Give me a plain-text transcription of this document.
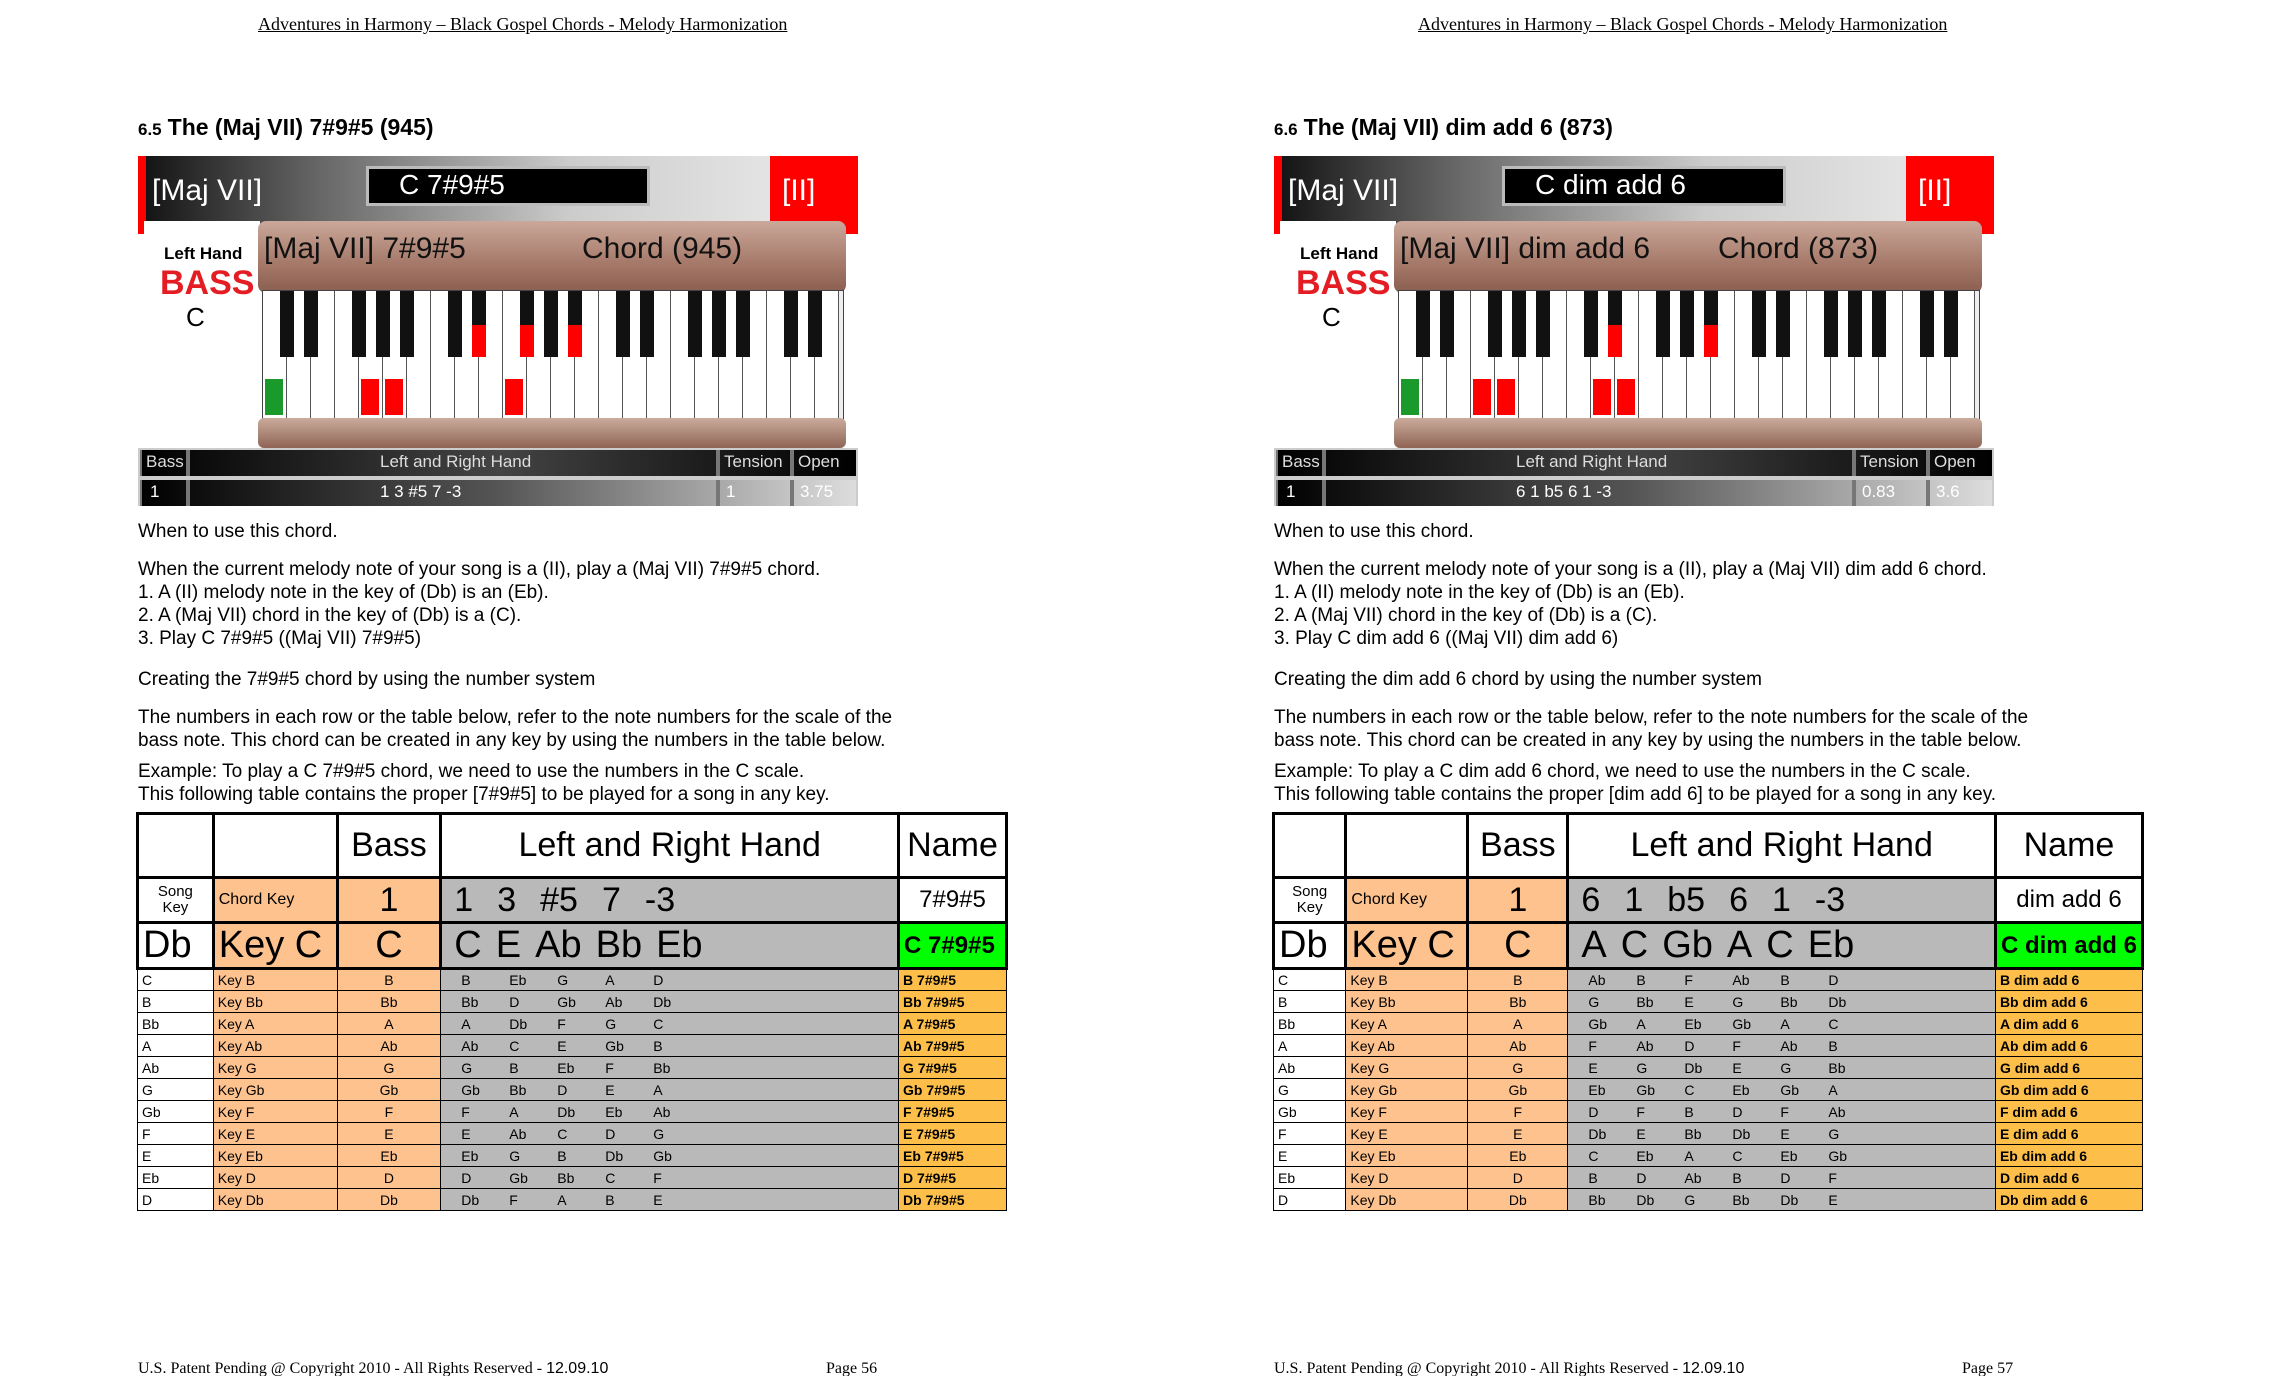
Adventures in Harmony – Black Gospel Chords - Melody Harmonization
6.5 The (Maj VII) 7#9#5 (945)
[Maj VII]	C 7#9#5	[II]
Left Hand
BASS
C
[Maj VII] 7#9#5	Chord (945)
Bass	Left and Right Hand	Tension Open
1	1 3 #5 7 -3	1	3.75
When to use this chord.
When the current melody note of your song is a (II), play a (Maj VII) 7#9#5 chord.
1. A (II) melody note in the key of (Db) is an (Eb).
2. A (Maj VII) chord in the key of (Db) is a (C).
3. Play C 7#9#5 ((Maj VII) 7#9#5)
Creating the 7#9#5 chord by using the number system
The numbers in each row or the table below, refer to the note numbers for the scale of the
bass note. This chord can be created in any key by using the numbers in the table below.
Example: To play a C 7#9#5 chord, we need to use the numbers in the C scale.
This following table contains the proper [7#9#5] to be played for a song in any key.
		Bass	Left and Right Hand	Name
Song Key	Chord Key	1	1 3 #5 7 -3	7#9#5
Db	Key C	C	C E Ab Bb Eb	C 7#9#5
C	Key B	B	B Eb G A D	B 7#9#5
B	Key Bb	Bb	Bb D Gb Ab Db	Bb 7#9#5
Bb	Key A	A	A Db F G C	A 7#9#5
A	Key Ab	Ab	Ab C E Gb B	Ab 7#9#5
Ab	Key G	G	G B Eb F Bb	G 7#9#5
G	Key Gb	Gb	Gb Bb D E A	Gb 7#9#5
Gb	Key F	F	F A Db Eb Ab	F 7#9#5
F	Key E	E	E Ab C D G	E 7#9#5
E	Key Eb	Eb	Eb G B Db Gb	Eb 7#9#5
Eb	Key D	D	D Gb Bb C F	D 7#9#5
D	Key Db	Db	Db F A B E	Db 7#9#5
U.S. Patent Pending @ Copyright 2010 - All Rights Reserved - 12.09.10	Page 56
Adventures in Harmony – Black Gospel Chords - Melody Harmonization
6.6 The (Maj VII) dim add 6 (873)
[Maj VII]	C dim add 6	[II]
Left Hand
BASS
C
[Maj VII] dim add 6 Chord (873)
Bass	Left and Right Hand	Tension Open
1	6 1 b5 6 1 -3	0.83 3.6
When to use this chord.
When the current melody note of your song is a (II), play a (Maj VII) dim add 6 chord.
1. A (II) melody note in the key of (Db) is an (Eb).
2. A (Maj VII) chord in the key of (Db) is a (C).
3. Play C dim add 6 ((Maj VII) dim add 6)
Creating the dim add 6 chord by using the number system
The numbers in each row or the table below, refer to the note numbers for the scale of the
bass note. This chord can be created in any key by using the numbers in the table below.
Example: To play a C dim add 6 chord, we need to use the numbers in the C scale.
This following table contains the proper [dim add 6] to be played for a song in any key.
		Bass	Left and Right Hand	Name
Song Key	Chord Key	1	6 1 b5 6 1 -3	dim add 6
Db	Key C	C	A C Gb A C Eb	C dim add 6
C	Key B	B	Ab B F Ab B D	B dim add 6
B	Key Bb	Bb	G Bb E G Bb Db	Bb dim add 6
Bb	Key A	A	Gb A Eb Gb A C	A dim add 6
A	Key Ab	Ab	F Ab D F Ab B	Ab dim add 6
Ab	Key G	G	E G Db E G Bb	G dim add 6
G	Key Gb	Gb	Eb Gb C Eb Gb A	Gb dim add 6
Gb	Key F	F	D F B D F Ab	F dim add 6
F	Key E	E	Db E Bb Db E G	E dim add 6
E	Key Eb	Eb	C Eb A C Eb Gb	Eb dim add 6
Eb	Key D	D	B D Ab B D F	D dim add 6
D	Key Db	Db	Bb Db G Bb Db E	Db dim add 6
U.S. Patent Pending @ Copyright 2010 - All Rights Reserved - 12.09.10	Page 57
